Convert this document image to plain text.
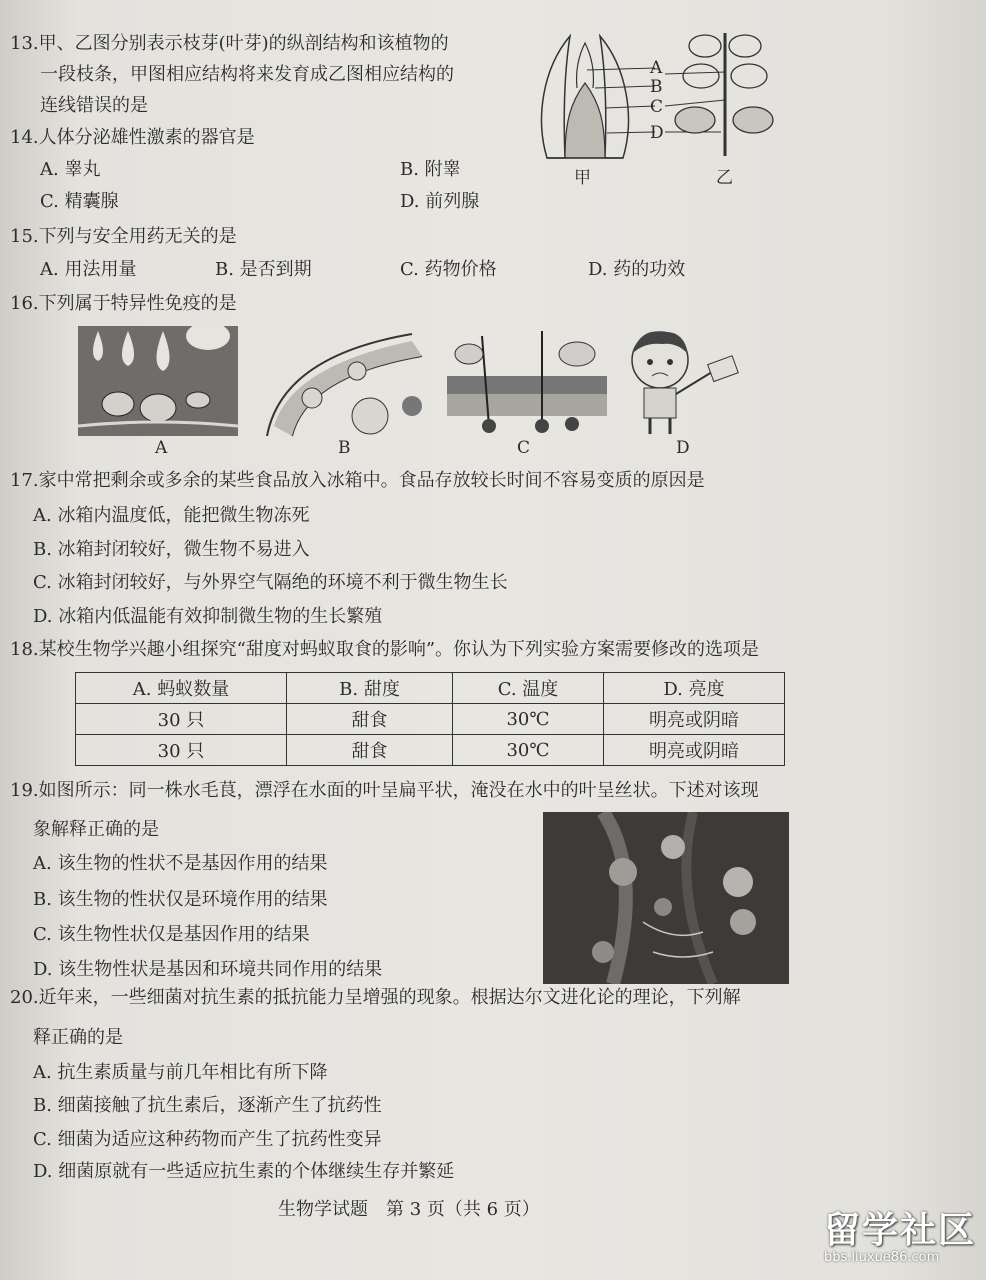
13.甲、乙图分别表示枝芽(叶芽)的纵剖结构和该植物的
一段枝条，甲图相应结构将来发育成乙图相应结构的
连线错误的是
A
B
C
D
甲	乙
14.人体分泌雄性激素的器官是
A. 睾丸	B. 附睾
C. 精囊腺	D. 前列腺
15.下列与安全用药无关的是
A. 用法用量	B. 是否到期	C. 药物价格	D. 药的功效
16.下列属于特异性免疫的是
A	B	C	D
17.家中常把剩余或多余的某些食品放入冰箱中。食品存放较长时间不容易变质的原因是
A. 冰箱内温度低，能把微生物冻死
B. 冰箱封闭较好，微生物不易进入
C. 冰箱封闭较好，与外界空气隔绝的环境不利于微生物生长
D. 冰箱内低温能有效抑制微生物的生长繁殖
18.某校生物学兴趣小组探究“甜度对蚂蚁取食的影响”。你认为下列实验方案需要修改的选项是
A. 蚂蚁数量	B. 甜度	C. 温度	D. 亮度
30 只	甜食	30℃	明亮或阴暗
30 只	甜食	30℃	明亮或阴暗
19.如图所示：同一株水毛茛，漂浮在水面的叶呈扁平状，淹没在水中的叶呈丝状。下述对该现
象解释正确的是
A. 该生物的性状不是基因作用的结果
B. 该生物的性状仅是环境作用的结果
C. 该生物性状仅是基因作用的结果
D. 该生物性状是基因和环境共同作用的结果
20.近年来，一些细菌对抗生素的抵抗能力呈增强的现象。根据达尔文进化论的理论，下列解
释正确的是
A. 抗生素质量与前几年相比有所下降
B. 细菌接触了抗生素后，逐渐产生了抗药性
C. 细菌为适应这种药物而产生了抗药性变异
D. 细菌原就有一些适应抗生素的个体继续生存并繁延
生物学试题　第 3 页（共 6 页）
留学社区
bbs.liuxue86.com
